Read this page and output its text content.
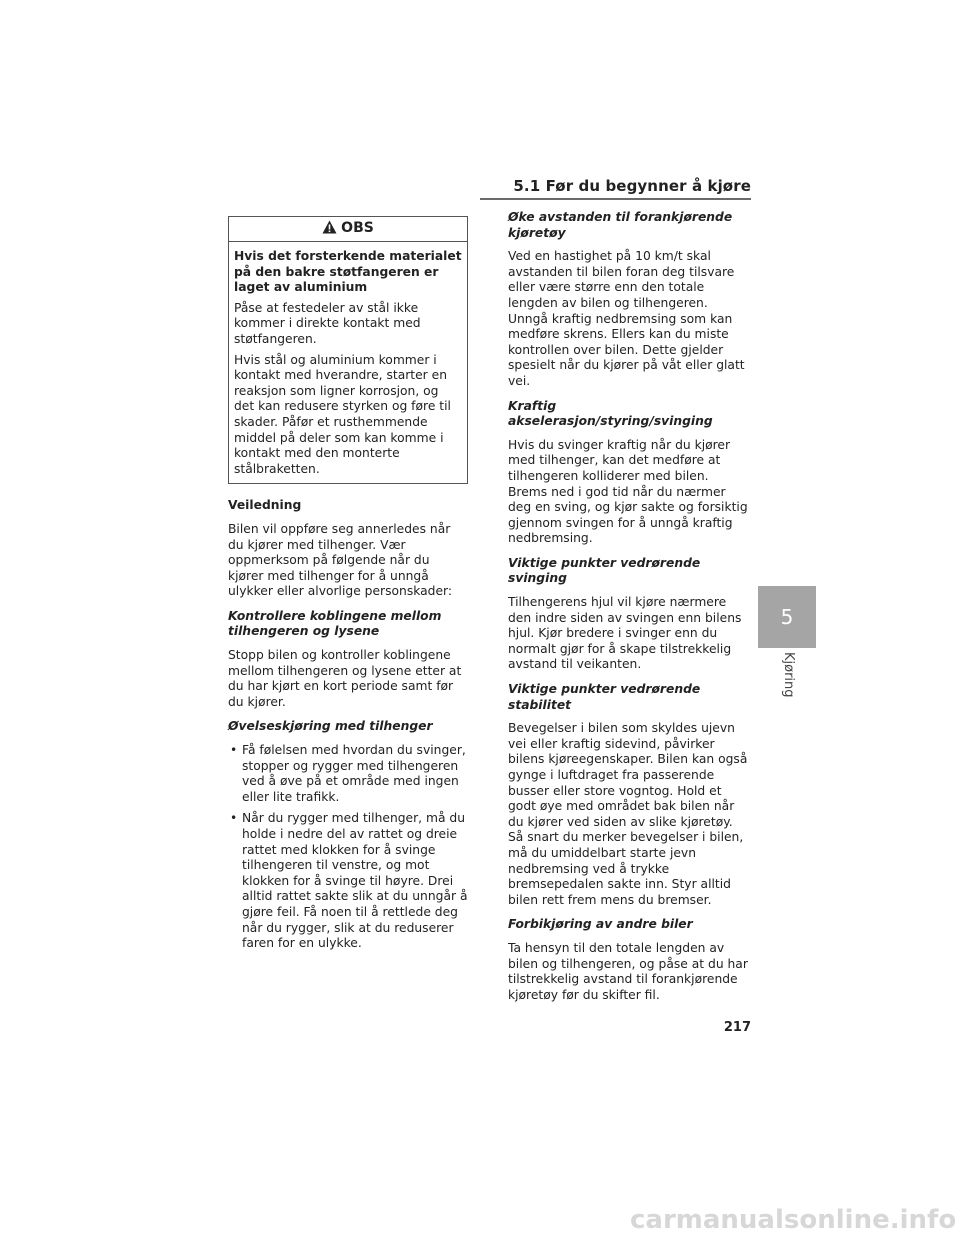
5.1 Før du begynner å kjøre
5
Kjøring
OBS

Hvis det forsterkende materialet på den bakre støtfangeren er laget av aluminium

Påse at festedeler av stål ikke kommer i direkte kontakt med støtfangeren.

Hvis stål og aluminium kommer i kontakt med hverandre, starter en reaksjon som ligner korrosjon, og det kan redusere styrken og føre til skader. Påfør et rusthemmende middel på deler som kan komme i kontakt med den monterte stålbraketten.

Veiledning

Bilen vil oppføre seg annerledes når du kjører med tilhenger. Vær oppmerksom på følgende når du kjører med tilhenger for å unngå ulykker eller alvorlige personskader:

Kontrollere koblingene mellom tilhengeren og lysene

Stopp bilen og kontroller koblingene mellom tilhengeren og lysene etter at du har kjørt en kort periode samt før du kjører.

Øvelseskjøring med tilhenger

• Få følelsen med hvordan du svinger, stopper og rygger med tilhengeren ved å øve på et område med ingen eller lite trafikk.
• Når du rygger med tilhenger, må du holde i nedre del av rattet og dreie rattet med klokken for å svinge tilhengeren til venstre, og mot klokken for å svinge til høyre. Drei alltid rattet sakte slik at du unngår å gjøre feil. Få noen til å rettlede deg når du rygger, slik at du reduserer faren for en ulykke.

Øke avstanden til forankjørende kjøretøy

Ved en hastighet på 10 km/t skal avstanden til bilen foran deg tilsvare eller være større enn den totale lengden av bilen og tilhengeren. Unngå kraftig nedbremsing som kan medføre skrens. Ellers kan du miste kontrollen over bilen. Dette gjelder spesielt når du kjører på våt eller glatt vei.

Kraftig akselerasjon/styring/svinging

Hvis du svinger kraftig når du kjører med tilhenger, kan det medføre at tilhengeren kolliderer med bilen. Brems ned i god tid når du nærmer deg en sving, og kjør sakte og forsiktig gjennom svingen for å unngå kraftig nedbremsing.

Viktige punkter vedrørende svinging

Tilhengerens hjul vil kjøre nærmere den indre siden av svingen enn bilens hjul. Kjør bredere i svinger enn du normalt gjør for å skape tilstrekkelig avstand til veikanten.

Viktige punkter vedrørende stabilitet

Bevegelser i bilen som skyldes ujevn vei eller kraftig sidevind, påvirker bilens kjøreegenskaper. Bilen kan også gynge i luftdraget fra passerende busser eller store vogntog. Hold et godt øye med området bak bilen når du kjører ved siden av slike kjøretøy. Så snart du merker bevegelser i bilen, må du umiddelbart starte jevn nedbremsing ved å trykke bremsepedalen sakte inn. Styr alltid bilen rett frem mens du bremser.

Forbikjøring av andre biler

Ta hensyn til den totale lengden av bilen og tilhengeren, og påse at du har tilstrekkelig avstand til forankjørende kjøretøy før du skifter fil.

217
carmanualsonline.info
